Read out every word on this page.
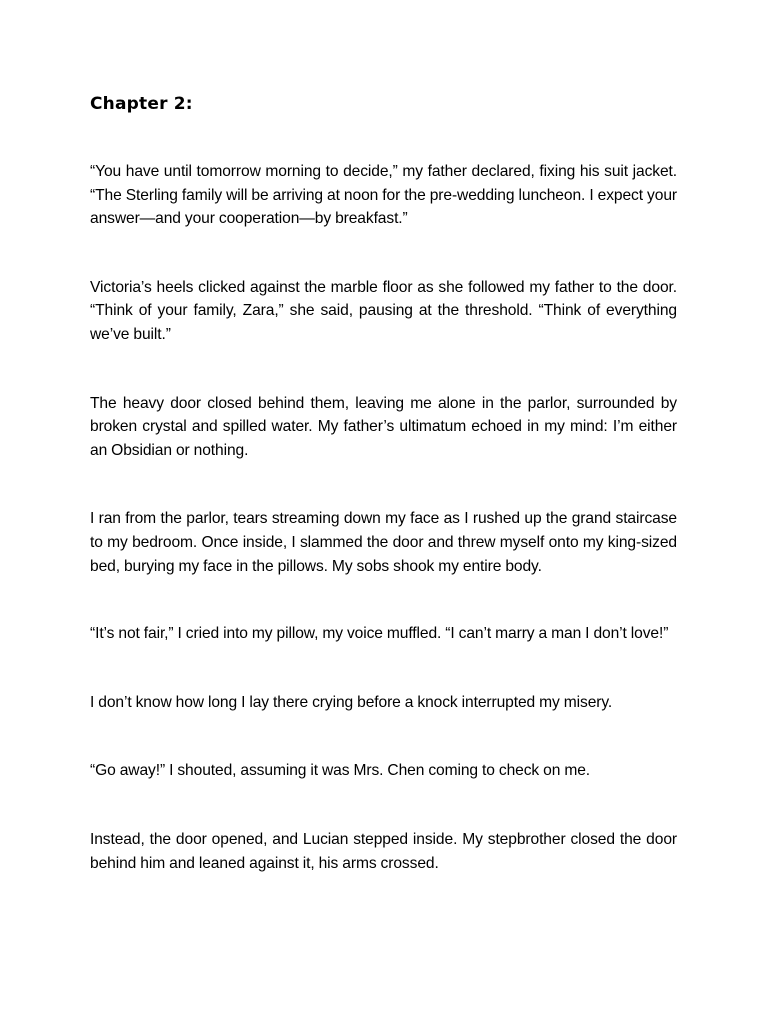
Chapter 2:

“You have until tomorrow morning to decide,” my father declared, fixing his suit jacket. “The Sterling family will be arriving at noon for the pre-wedding luncheon. I expect your answer—and your cooperation—by breakfast.”

Victoria’s heels clicked against the marble floor as she followed my father to the door. “Think of your family, Zara,” she said, pausing at the threshold. “Think of everything we’ve built.”

The heavy door closed behind them, leaving me alone in the parlor, surrounded by broken crystal and spilled water. My father’s ultimatum echoed in my mind: I’m either an Obsidian or nothing.

I ran from the parlor, tears streaming down my face as I rushed up the grand staircase to my bedroom. Once inside, I slammed the door and threw myself onto my king-sized bed, burying my face in the pillows. My sobs shook my entire body.

“It’s not fair,” I cried into my pillow, my voice muffled. “I can’t marry a man I don’t love!”

I don’t know how long I lay there crying before a knock interrupted my misery.

“Go away!” I shouted, assuming it was Mrs. Chen coming to check on me.

Instead, the door opened, and Lucian stepped inside. My stepbrother closed the door behind him and leaned against it, his arms crossed.
